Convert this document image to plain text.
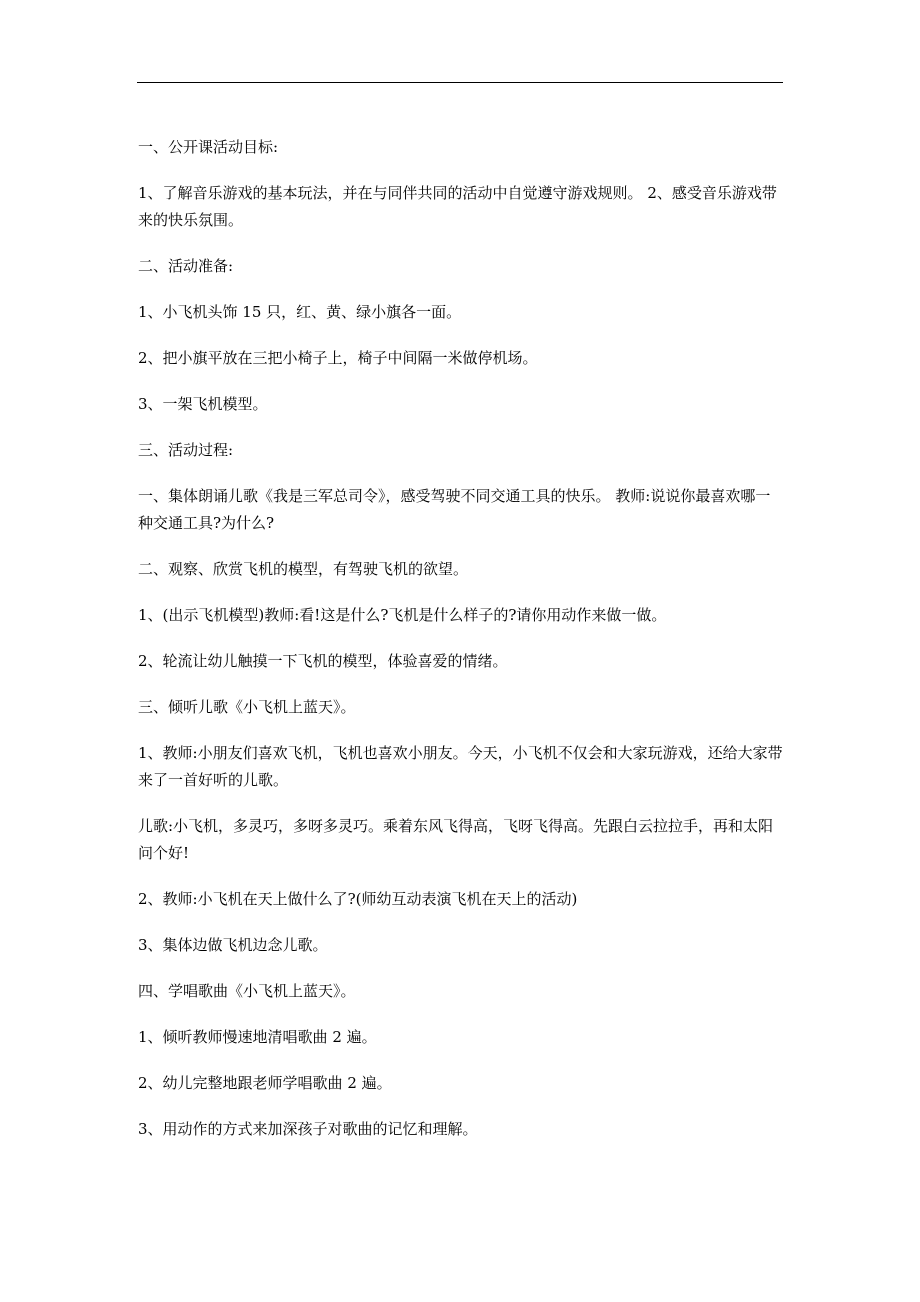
一、公开课活动目标:

1、了解音乐游戏的基本玩法，并在与同伴共同的活动中自觉遵守游戏规则。 2、感受音乐游戏带来的快乐氛围。

二、活动准备:

1、小飞机头饰 15 只，红、黄、绿小旗各一面。

2、把小旗平放在三把小椅子上，椅子中间隔一米做停机场。

3、一架飞机模型。

三、活动过程:

一、集体朗诵儿歌《我是三军总司令》，感受驾驶不同交通工具的快乐。 教师:说说你最喜欢哪一种交通工具?为什么?

二、观察、欣赏飞机的模型，有驾驶飞机的欲望。

1、(出示飞机模型)教师:看!这是什么?飞机是什么样子的?请你用动作来做一做。

2、轮流让幼儿触摸一下飞机的模型，体验喜爱的情绪。

三、倾听儿歌《小飞机上蓝天》。

1、教师:小朋友们喜欢飞机，飞机也喜欢小朋友。今天，小飞机不仅会和大家玩游戏，还给大家带来了一首好听的儿歌。

儿歌:小飞机，多灵巧，多呀多灵巧。乘着东风飞得高，飞呀飞得高。先跟白云拉拉手，再和太阳问个好!

2、教师:小飞机在天上做什么了?(师幼互动表演飞机在天上的活动)

3、集体边做飞机边念儿歌。

四、学唱歌曲《小飞机上蓝天》。

1、倾听教师慢速地清唱歌曲 2 遍。

2、幼儿完整地跟老师学唱歌曲 2 遍。

3、用动作的方式来加深孩子对歌曲的记忆和理解。
